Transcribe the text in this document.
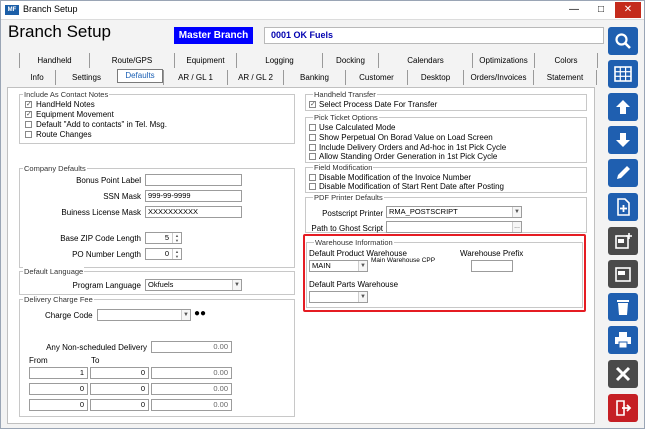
MF Branch Setup	—	□	✕
Branch Setup	Master Branch	0001 OK Fuels
Handheld	Route/GPS	Equipment	Logging	Docking	Calendars	Optimizations	Colors
Info	Settings	Defaults	AR / GL 1	AR / GL 2	Banking	Customer	Desktop	Orders/Invoices	Statement
Include As Contact Notes
✓ HandHeld Notes
✓ Equipment Movement
Default "Add to contacts" in Tel. Msg.
Route Changes
Company Defaults
Bonus Point Label
SSN Mask 999-99-9999
Buiness License Mask XXXXXXXXXX
Base ZIP Code Length	5	▲
▼
PO Number Length	0	▲
▼
Default Language
Program Language Okfuels	▼
Delivery Charge Fee
Charge Code	▼ ●●
Any Non-scheduled Delivery	0.00
From	To
1	0	0.00
0	0	0.00
0	0	0.00
Handheld Transfer
✓ Select Process Date For Transfer
Pick Ticket Options
Use Calculated Mode
Show Perpetual On Borad Value on Load Screen
Include Delivery Orders and Ad-hoc in 1st Pick Cycle
Allow Standing Order Generation in 1st Pick Cycle
Field Modification
Disable Modification of the Invoice Number
Disable Modification of Start Rent Date after Posting
PDF Printer Defaults
Postscript Printer RMA_POSTSCRIPT	▼
Path to Ghost Script	...
Warehouse Information
Default Product Warehouse
MAIN	▼
Main Warehouse CPP
Warehouse Prefix
Default Parts Warehouse
▼
